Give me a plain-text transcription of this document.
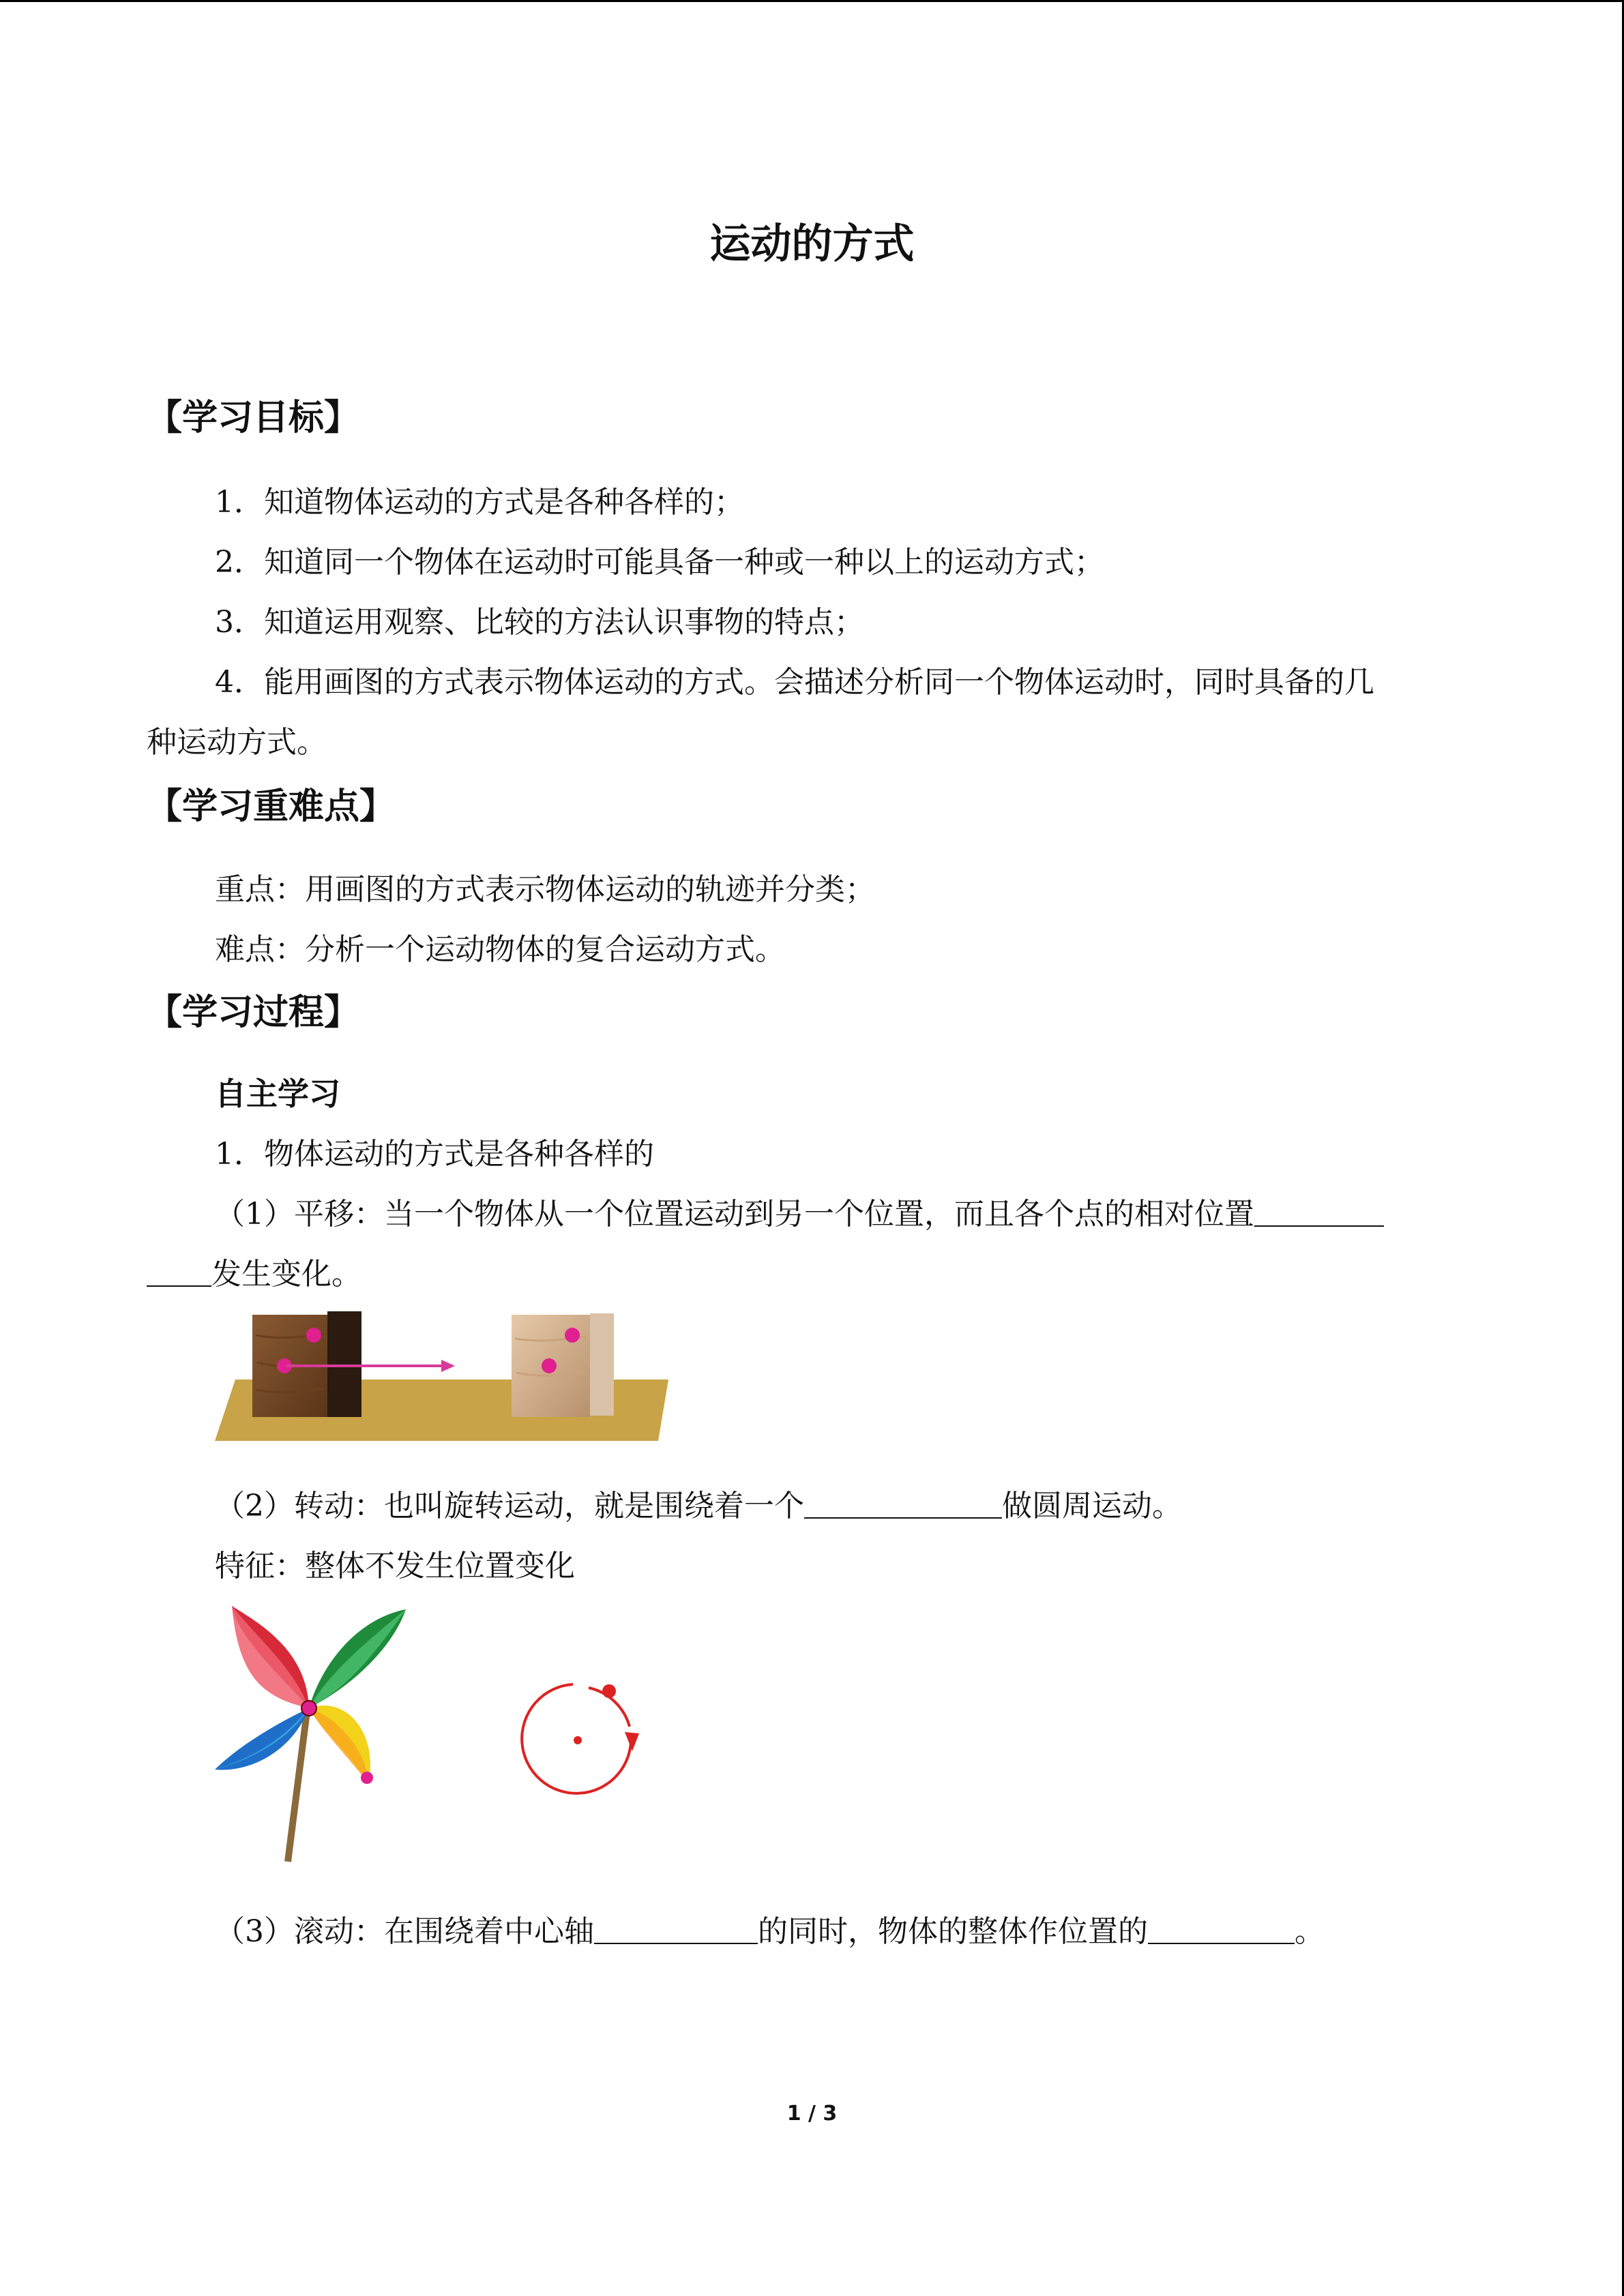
运动的方式
【学习目标】
1．知道物体运动的方式是各种各样的；
2．知道同一个物体在运动时可能具备一种或一种以上的运动方式；
3．知道运用观察、比较的方法认识事物的特点；
4．能用画图的方式表示物体运动的方式。会描述分析同一个物体运动时，同时具备的几
种运动方式。
【学习重难点】
重点：用画图的方式表示物体运动的轨迹并分类；
难点：分析一个运动物体的复合运动方式。
【学习过程】
自主学习
1．物体运动的方式是各种各样的
（1）平移：当一个物体从一个位置运动到另一个位置，而且各个点的相对位置
发生变化。
（2）转动：也叫旋转运动，就是围绕着一个	做圆周运动。
特征：整体不发生位置变化
（3）滚动：在围绕着中心轴	的同时，物体的整体作位置的	。
1 / 3
